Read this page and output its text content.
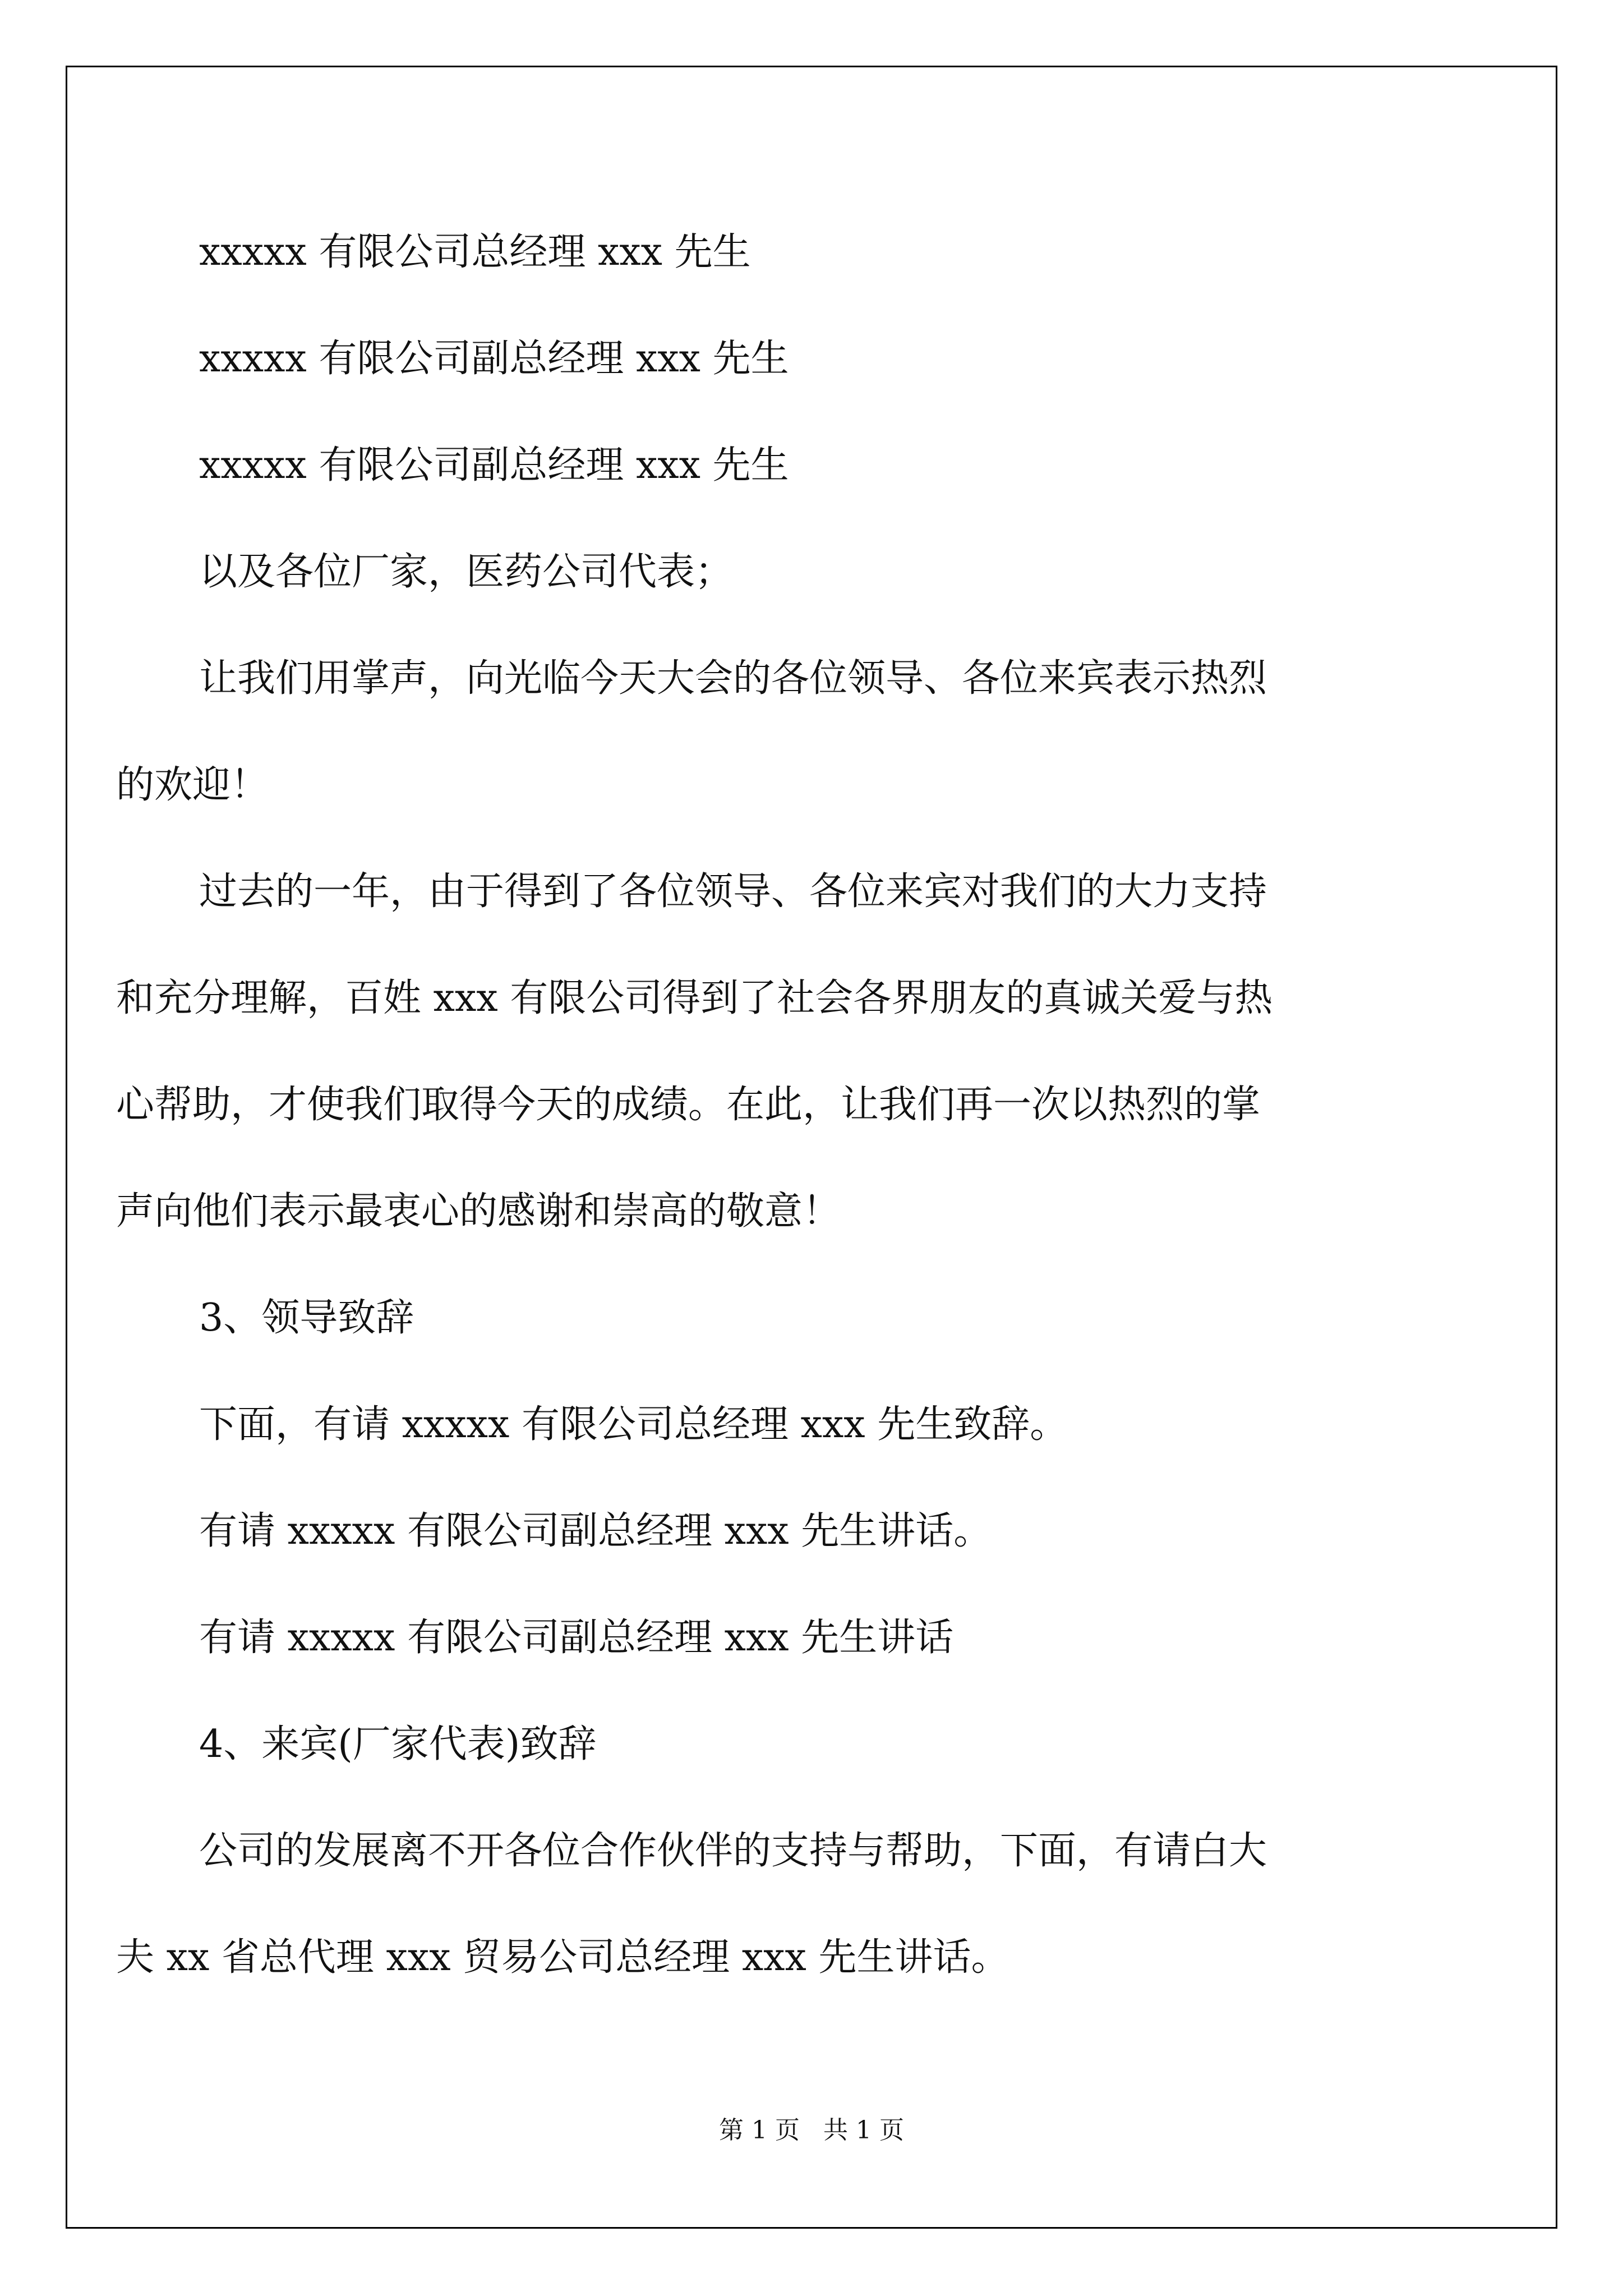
xxxxx 有限公司总经理 xxx 先生
xxxxx 有限公司副总经理 xxx 先生
xxxxx 有限公司副总经理 xxx 先生
以及各位厂家，医药公司代表；
让我们用掌声，向光临今天大会的各位领导、各位来宾表示热烈
的欢迎！
过去的一年，由于得到了各位领导、各位来宾对我们的大力支持
和充分理解，百姓 xxx 有限公司得到了社会各界朋友的真诚关爱与热
心帮助，才使我们取得今天的成绩。在此，让我们再一次以热烈的掌
声向他们表示最衷心的感谢和崇高的敬意！
3、领导致辞
下面，有请 xxxxx 有限公司总经理 xxx 先生致辞。
有请 xxxxx 有限公司副总经理 xxx 先生讲话。
有请 xxxxx 有限公司副总经理 xxx 先生讲话
4、来宾(厂家代表)致辞
公司的发展离不开各位合作伙伴的支持与帮助，下面，有请白大
夫 xx 省总代理 xxx 贸易公司总经理 xxx 先生讲话。
第 1 页   共 1 页
